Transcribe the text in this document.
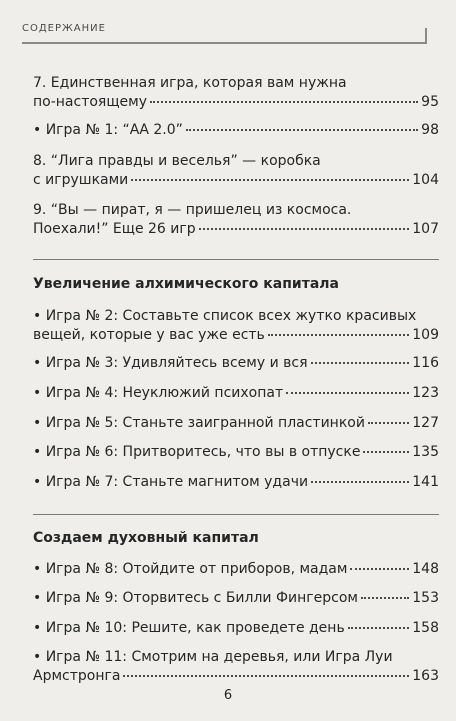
СОДЕРЖАНИЕ
7. Единственная игра, которая вам нужна
по-настоящему	95
• Игра № 1: “АА 2.0”	98
8. “Лига правды и веселья” — коробка
с игрушками	104
9. “Вы — пират, я — пришелец из космоса.
Поехали!” Еще 26 игр	107
Увеличение алхимического капитала
• Игра № 2: Составьте список всех жутко красивых
вещей, которые у вас уже есть	109
• Игра № 3: Удивляйтесь всему и вся	116
• Игра № 4: Неуклюжий психопат	123
• Игра № 5: Станьте заигранной пластинкой	127
• Игра № 6: Притворитесь, что вы в отпуске	135
• Игра № 7: Станьте магнитом удачи	141
Создаем духовный капитал
• Игра № 8: Отойдите от приборов, мадам	148
• Игра № 9: Оторвитесь с Билли Фингерсом	153
• Игра № 10: Решите, как проведете день	158
• Игра № 11: Смотрим на деревья, или Игра Луи
Армстронга	163
6
